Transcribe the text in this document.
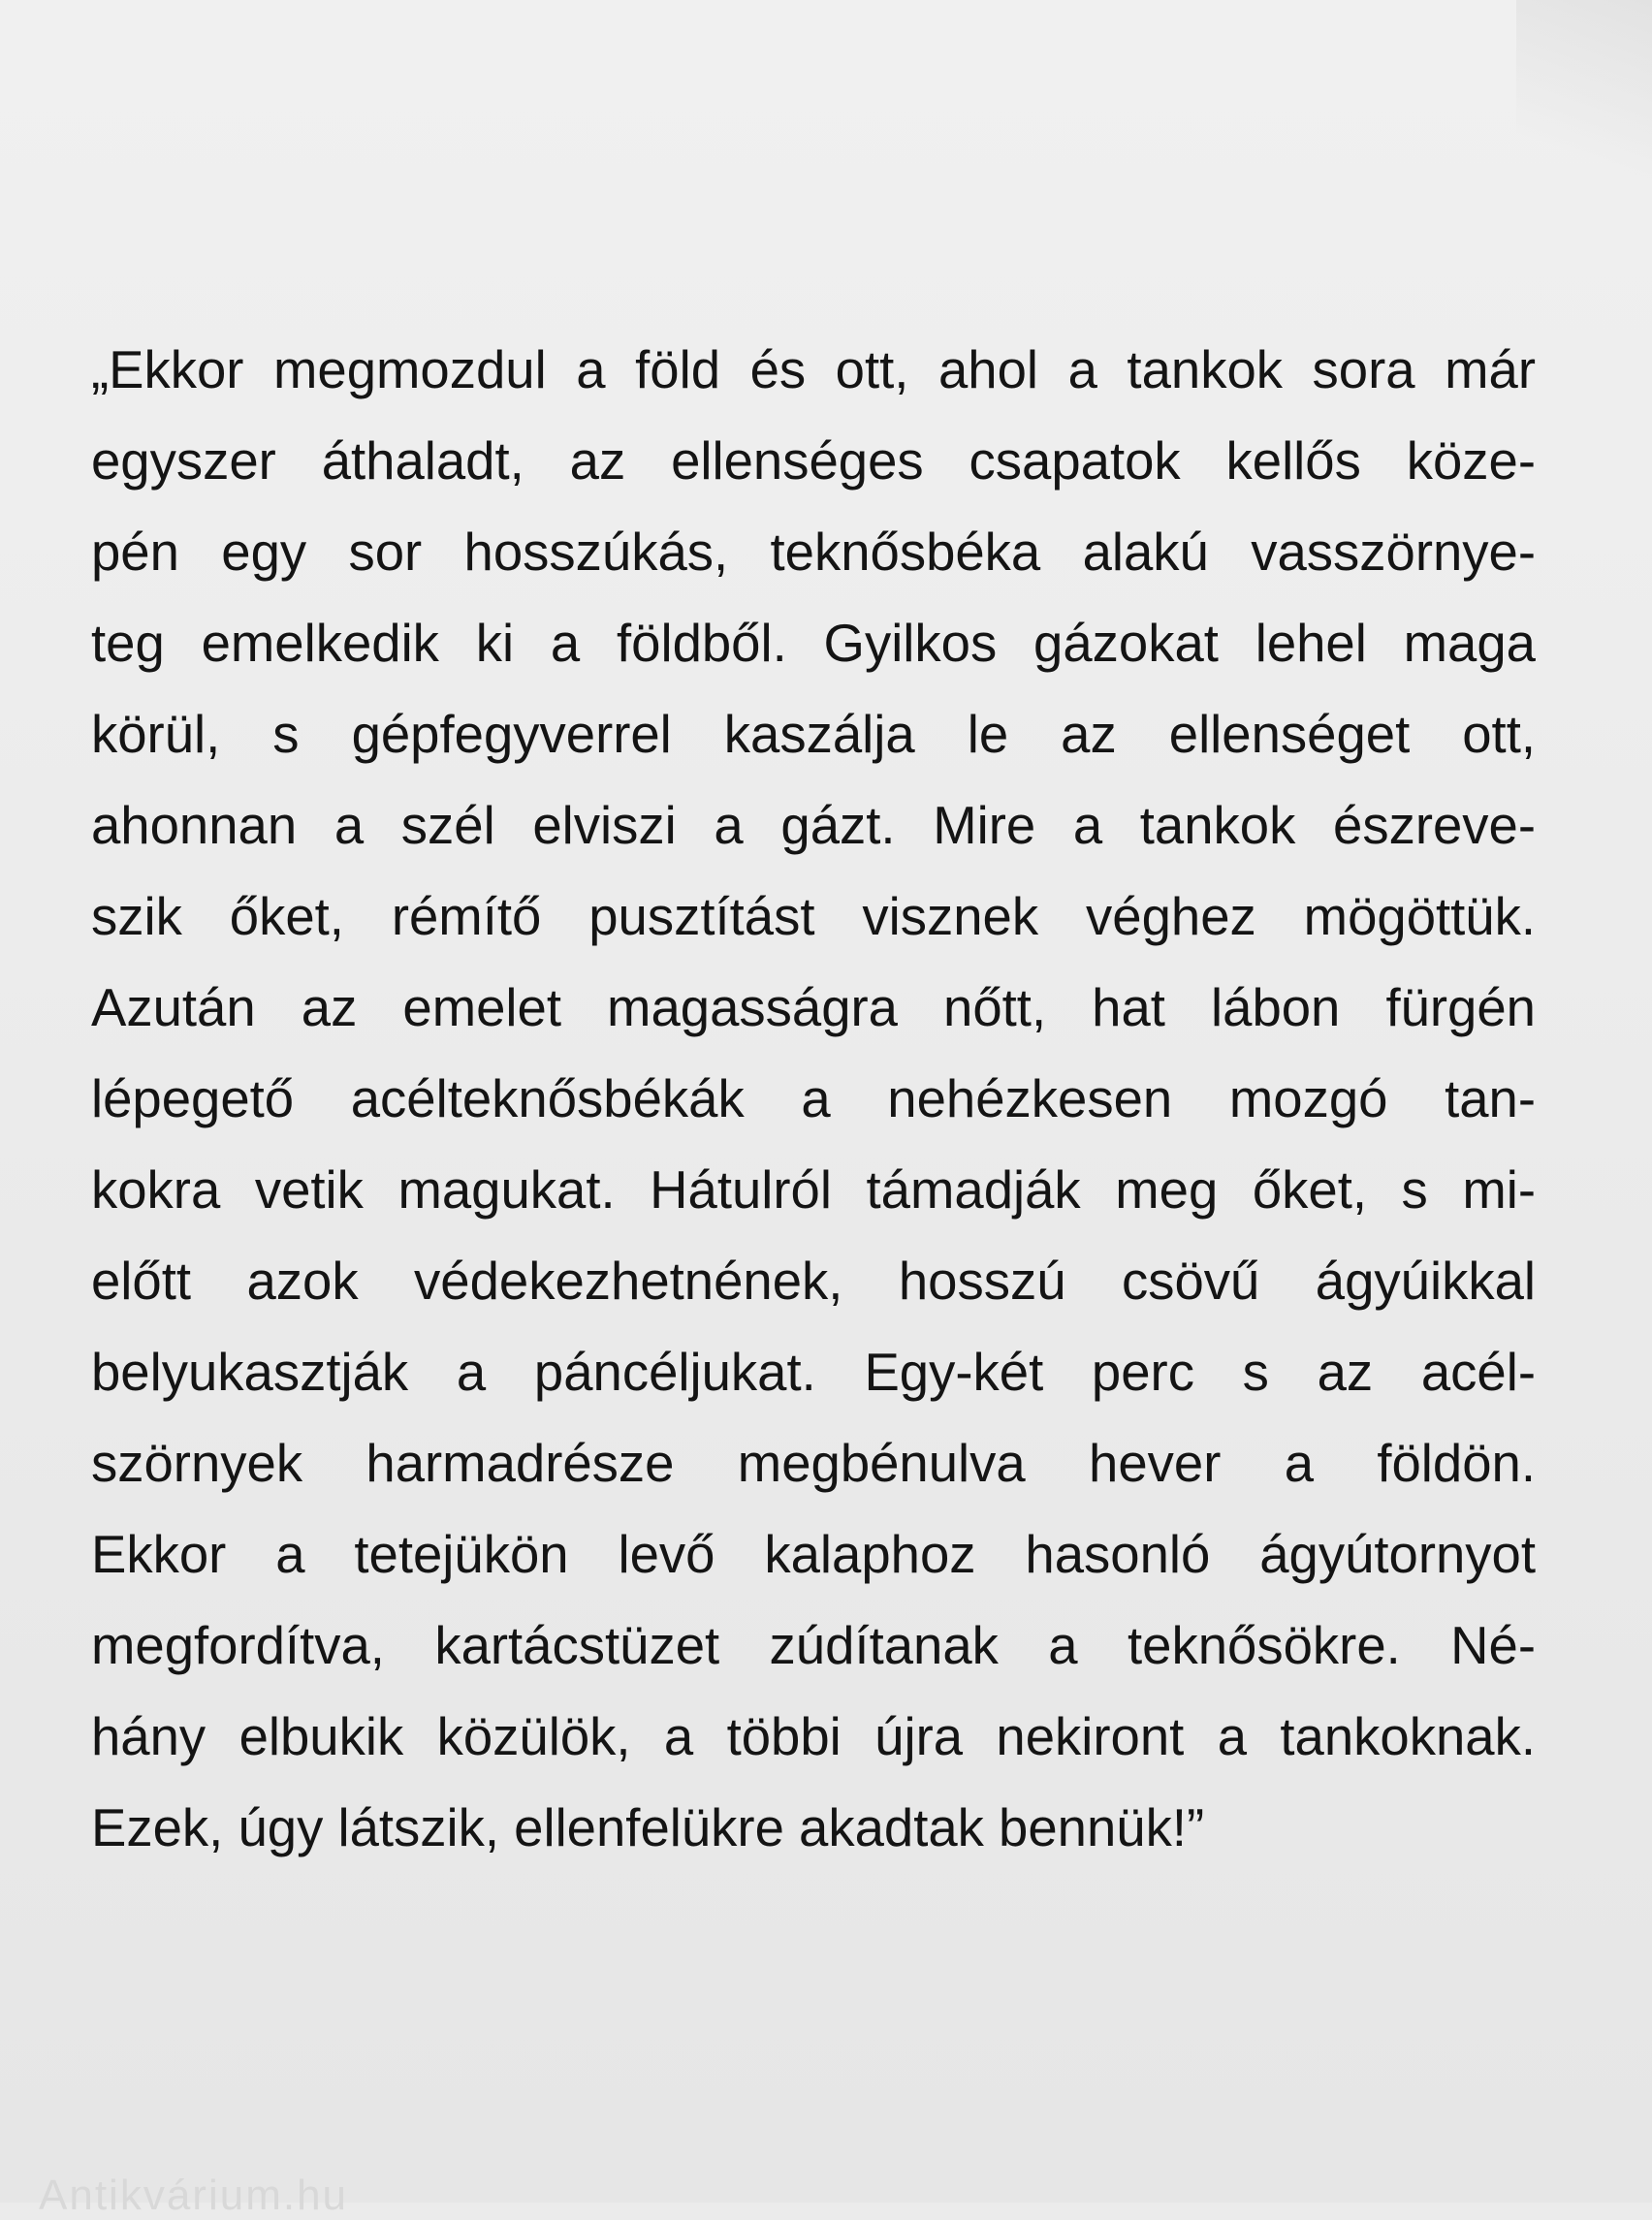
„Ekkor megmozdul a föld és ott, ahol a tankok sora már
egyszer áthaladt, az ellenséges csapatok kellős köze-
pén egy sor hosszúkás, teknősbéka alakú vasszörnye-
teg emelkedik ki a földből. Gyilkos gázokat lehel maga
körül, s gépfegyverrel kaszálja le az ellenséget ott,
ahonnan a szél elviszi a gázt. Mire a tankok észreve-
szik őket, rémítő pusztítást visznek véghez mögöttük.
Azután az emelet magasságra nőtt, hat lábon fürgén
lépegető acélteknősbékák a nehézkesen mozgó tan-
kokra vetik magukat. Hátulról támadják meg őket, s mi-
előtt azok védekezhetnének, hosszú csövű ágyúikkal
belyukasztják a páncéljukat. Egy-két perc s az acél-
szörnyek harmadrésze megbénulva hever a földön.
Ekkor a tetejükön levő kalaphoz hasonló ágyútornyot
megfordítva, kartácstüzet zúdítanak a teknősökre. Né-
hány elbukik közülök, a többi újra nekiront a tankoknak.
Ezek, úgy látszik, ellenfelükre akadtak bennük!”
Antikvárium.hu
